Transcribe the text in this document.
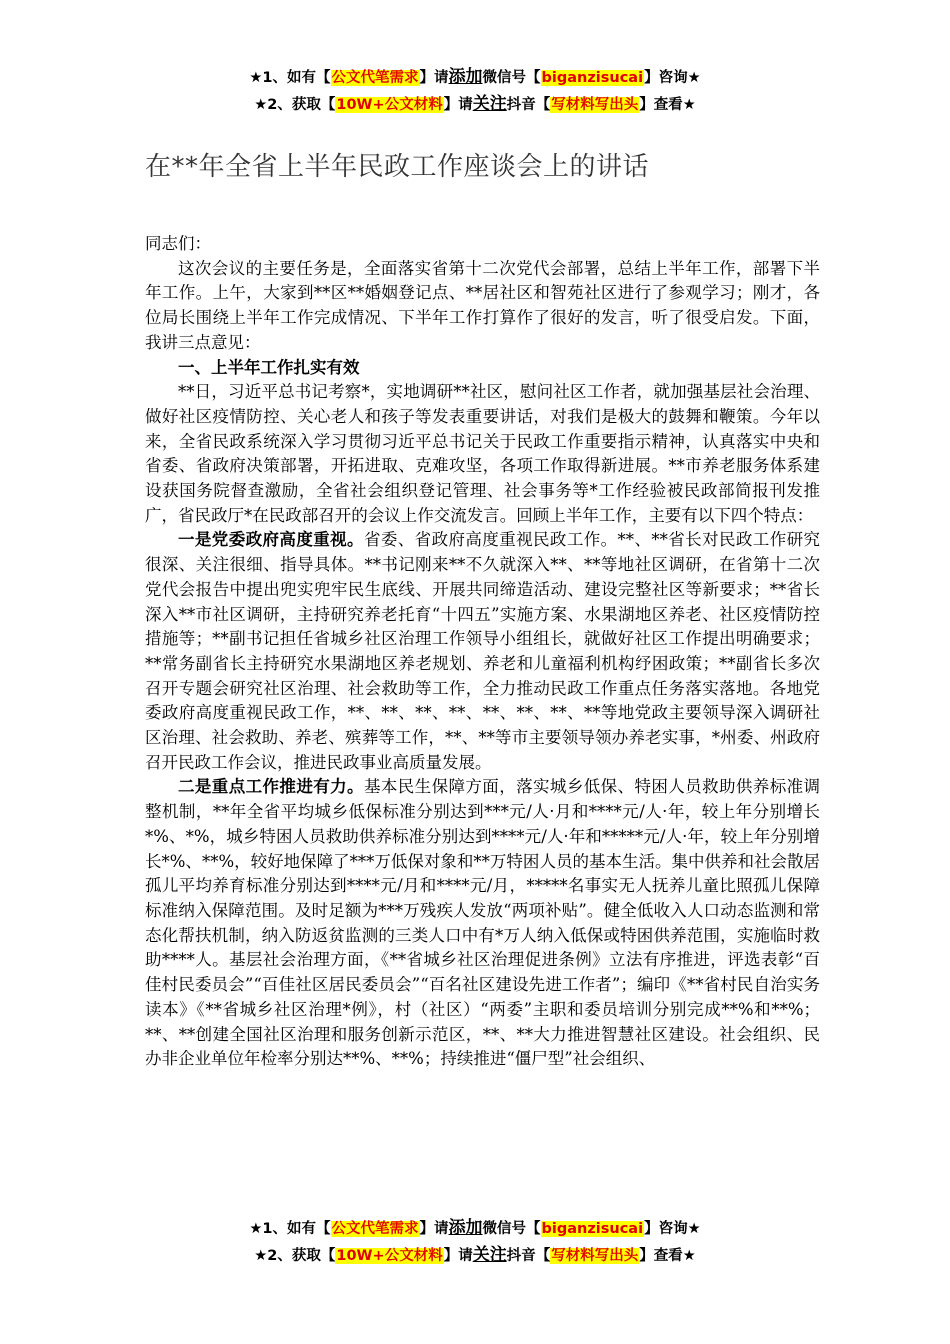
★1、如有【公文代笔需求】请添加微信号【biganzisucai】咨询★
★2、获取【10W+公文材料】请关注抖音【写材料写出头】查看★
在**年全省上半年民政工作座谈会上的讲话

同志们：

这次会议的主要任务是，全面落实省第十二次党代会部署，总结上半年工作，部署下半年工作。上午，大家到**区**婚姻登记点、**居社区和智苑社区进行了参观学习；刚才，各位局长围绕上半年工作完成情况、下半年工作打算作了很好的发言，听了很受启发。下面，我讲三点意见：

一、上半年工作扎实有效

**日，习近平总书记考察*，实地调研**社区，慰问社区工作者，就加强基层社会治理、做好社区疫情防控、关心老人和孩子等发表重要讲话，对我们是极大的鼓舞和鞭策。今年以来，全省民政系统深入学习贯彻习近平总书记关于民政工作重要指示精神，认真落实中央和省委、省政府决策部署，开拓进取、克难攻坚，各项工作取得新进展。**市养老服务体系建设获国务院督查激励，全省社会组织登记管理、社会事务等*工作经验被民政部简报刊发推广，省民政厅*在民政部召开的会议上作交流发言。回顾上半年工作，主要有以下四个特点：

一是党委政府高度重视。省委、省政府高度重视民政工作。**、**省长对民政工作研究很深、关注很细、指导具体。**书记刚来**不久就深入**、**等地社区调研，在省第十二次党代会报告中提出兜实兜牢民生底线、开展共同缔造活动、建设完整社区等新要求；**省长深入**市社区调研，主持研究养老托育“十四五”实施方案、水果湖地区养老、社区疫情防控措施等；**副书记担任省城乡社区治理工作领导小组组长，就做好社区工作提出明确要求；**常务副省长主持研究水果湖地区养老规划、养老和儿童福利机构纾困政策；**副省长多次召开专题会研究社区治理、社会救助等工作，全力推动民政工作重点任务落实落地。各地党委政府高度重视民政工作，**、**、**、**、**、**、**、**等地党政主要领导深入调研社区治理、社会救助、养老、殡葬等工作，**、**等市主要领导领办养老实事，*州委、州政府召开民政工作会议，推进民政事业高质量发展。

二是重点工作推进有力。基本民生保障方面，落实城乡低保、特困人员救助供养标准调整机制，**年全省平均城乡低保标准分别达到***元/人·月和****元/人·年，较上年分别增长*%、*%，城乡特困人员救助供养标准分别达到****元/人·年和*****元/人·年，较上年分别增长*%、**%，较好地保障了***万低保对象和**万特困人员的基本生活。集中供养和社会散居孤儿平均养育标准分别达到****元/月和****元/月，*****名事实无人抚养儿童比照孤儿保障标准纳入保障范围。及时足额为***万残疾人发放“两项补贴”。健全低收入人口动态监测和常态化帮扶机制，纳入防返贫监测的三类人口中有*万人纳入低保或特困供养范围，实施临时救助****人。基层社会治理方面，《**省城乡社区治理促进条例》立法有序推进，评选表彰“百佳村民委员会”“百佳社区居民委员会”“百名社区建设先进工作者”；编印《**省村民自治实务读本》《**省城乡社区治理*例》，村（社区）“两委”主职和委员培训分别完成**%和**%；**、**创建全国社区治理和服务创新示范区，**、**大力推进智慧社区建设。社会组织、民办非企业单位年检率分别达**%、**%；持续推进“僵尸型”社会组织、

★1、如有【公文代笔需求】请添加微信号【biganzisucai】咨询★
★2、获取【10W+公文材料】请关注抖音【写材料写出头】查看★
